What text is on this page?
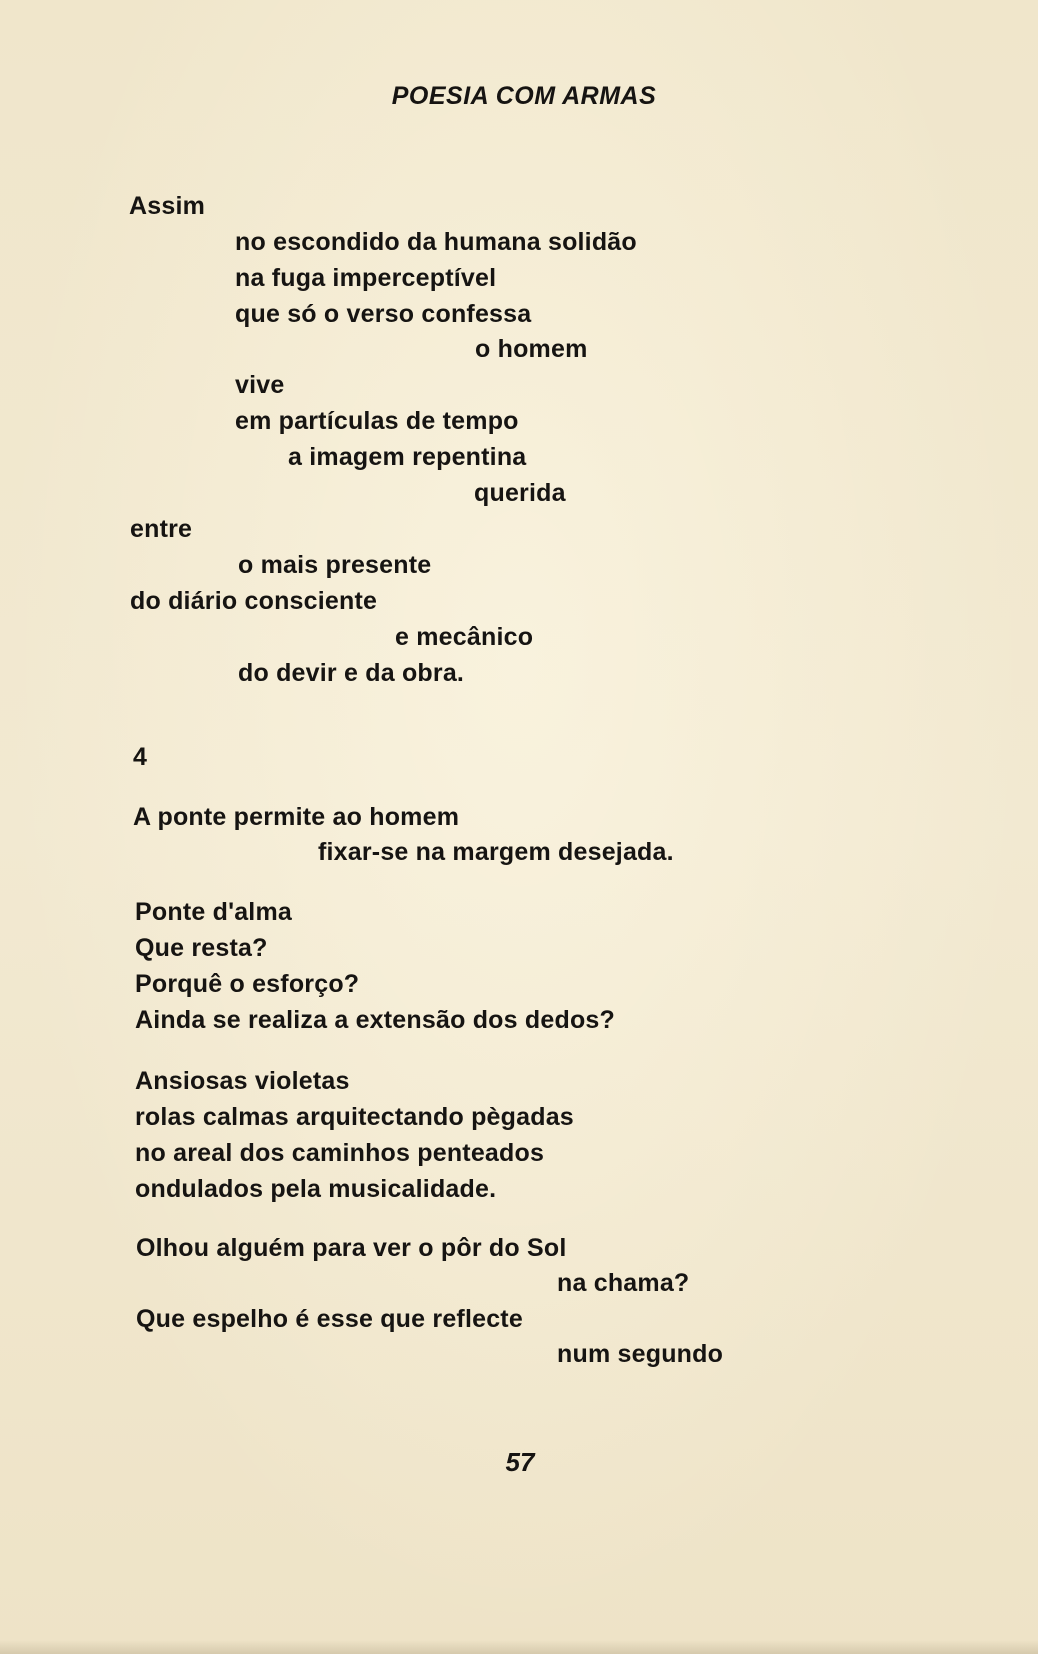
POESIA COM ARMAS
Assim
no escondido da humana solidão
na fuga imperceptível
que só o verso confessa
o homem
vive
em partículas de tempo
a imagem repentina
querida
entre
o mais presente
do diário consciente
e mecânico
do devir e da obra.
4
A ponte permite ao homem
fixar-se na margem desejada.
Ponte d'alma
Que resta?
Porquê o esforço?
Ainda se realiza a extensão dos dedos?
Ansiosas violetas
rolas calmas arquitectando pègadas
no areal dos caminhos penteados
ondulados pela musicalidade.
Olhou alguém para ver o pôr do Sol
na chama?
Que espelho é esse que reflecte
num segundo
57
